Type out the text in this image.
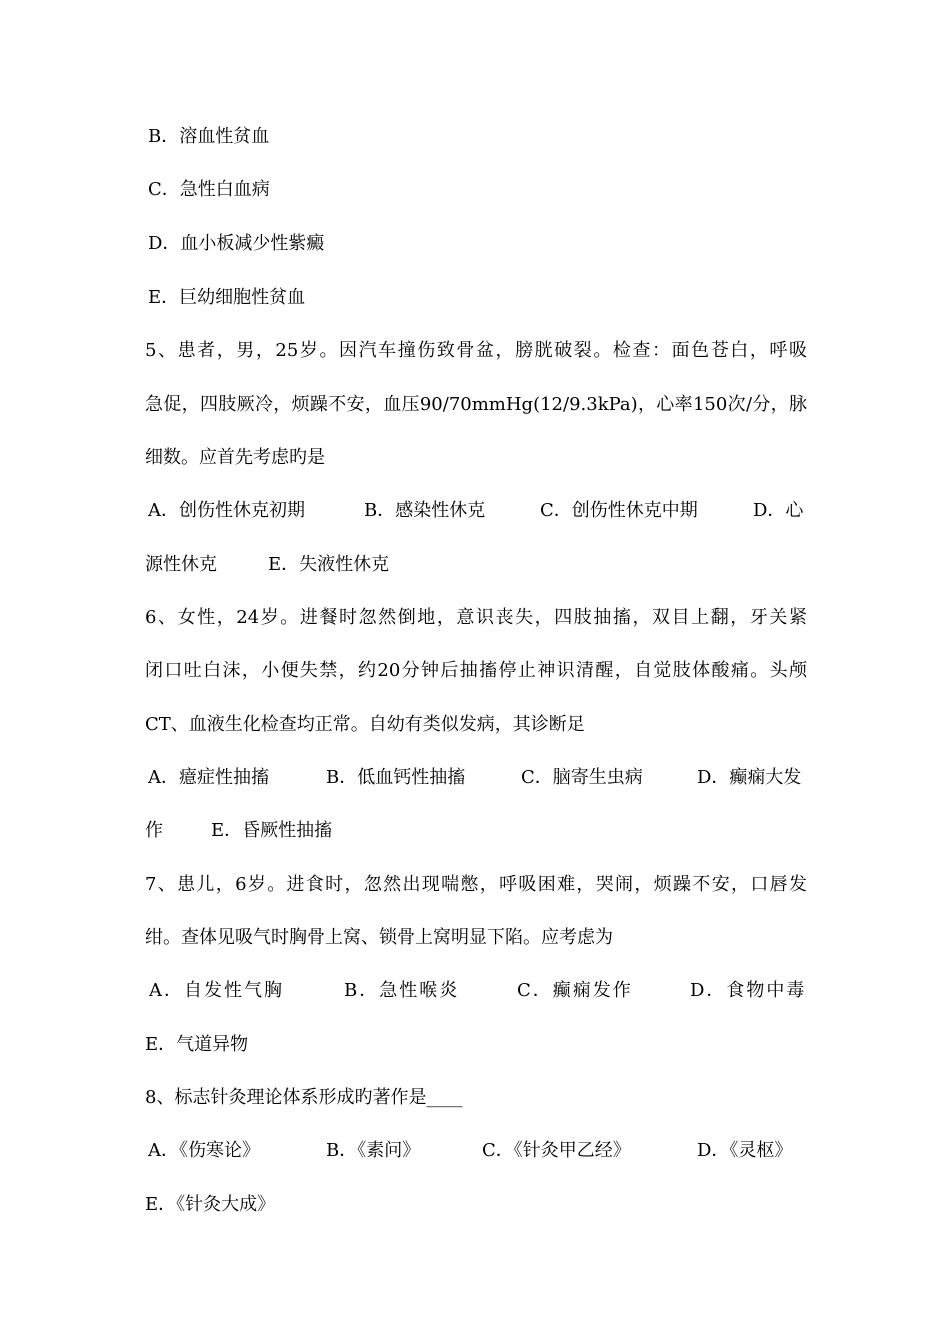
B．溶血性贫血
C．急性白血病
D．血小板减少性紫癜
E．巨幼细胞性贫血
5、患者，男，25岁。因汽车撞伤致骨盆，膀胱破裂。检查：面色苍白，呼吸
急促，四肢厥冷，烦躁不安，血压90/70mmHg(12/9.3kPa)，心率150次/分，脉
细数。应首先考虑旳是
A．创伤性休克初期	B．感染性休克	C．创伤性休克中期	D．心
源性休克	E．失液性休克
6、女性，24岁。进餐时忽然倒地，意识丧失，四肢抽搐，双目上翻，牙关紧
闭口吐白沫，小便失禁，约20分钟后抽搐停止神识清醒，自觉肢体酸痛。头颅
CT、血液生化检查均正常。自幼有类似发病，其诊断足
A．癔症性抽搐	B．低血钙性抽搐	C．脑寄生虫病	D．癫痫大发
作	E．昏厥性抽搐
7、患儿，6岁。进食时，忽然出现喘憋，呼吸困难，哭闹，烦躁不安，口唇发
绀。查体见吸气时胸骨上窝、锁骨上窝明显下陷。应考虑为
A．自发性气胸	B．急性喉炎	C．癫痫发作	D．食物中毒
E．气道异物
8、标志针灸理论体系形成旳著作是____
A．《伤寒论》	B．《素问》	C．《针灸甲乙经》	D．《灵枢》
E．《针灸大成》
